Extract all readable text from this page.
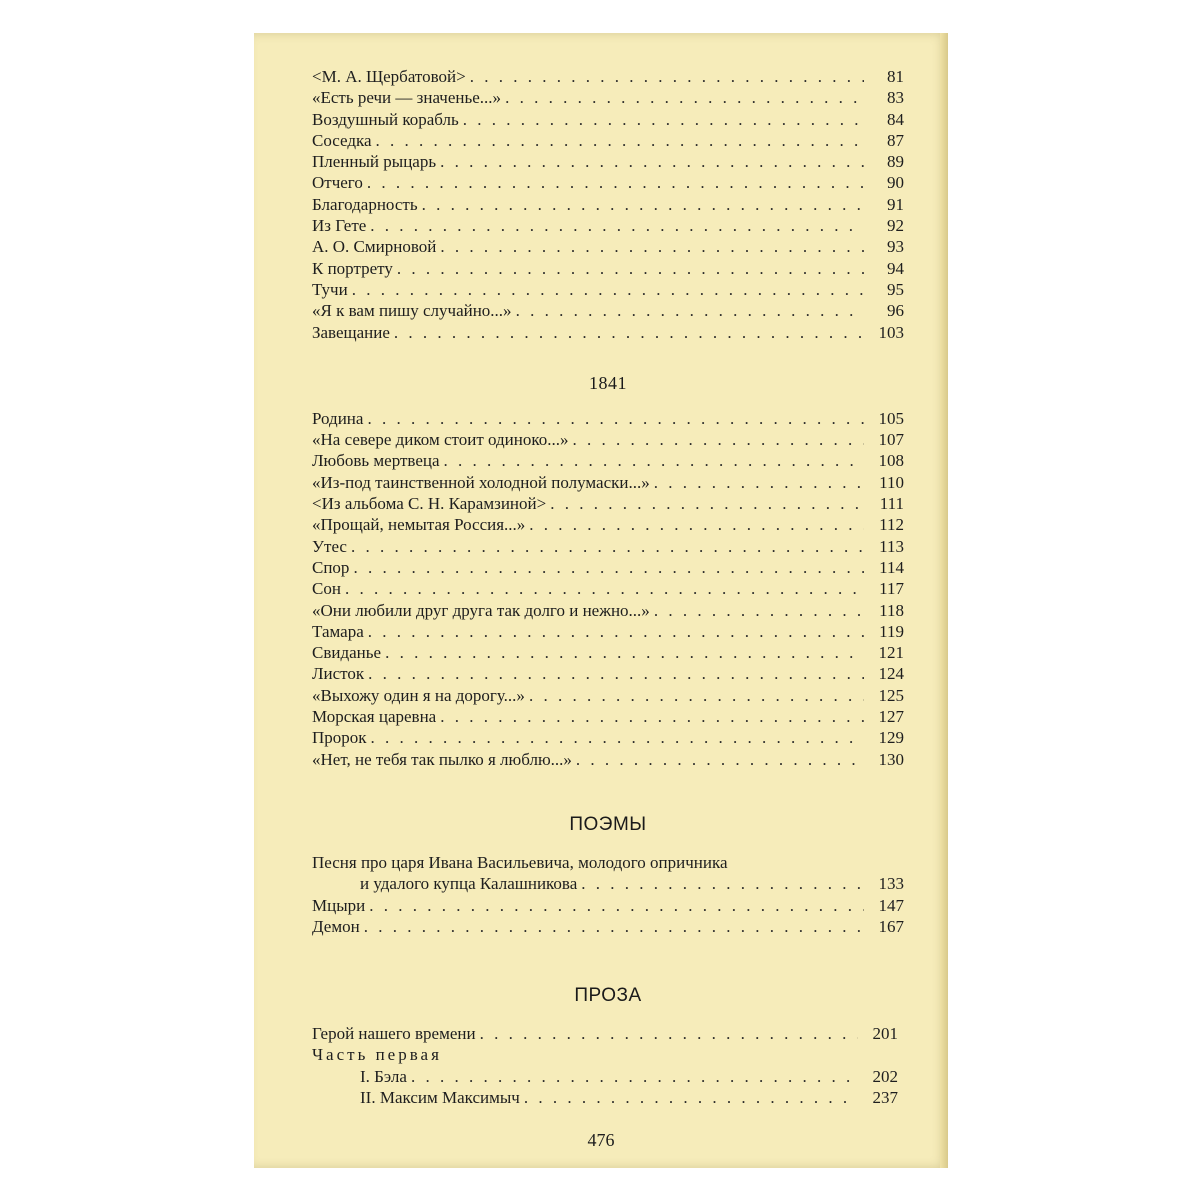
<М. А. Щербатовой> . . .	81
«Есть речи — значенье...» . . .	83
Воздушный корабль . . .	84
Соседка . . .	87
Пленный рыцарь . . .	89
Отчего . . .	90
Благодарность . . .	91
Из Гете . . .	92
А. О. Смирновой . . .	93
К портрету . . .	94
Тучи . . .	95
«Я к вам пишу случайно...» . . .	96
Завещание . . .	103
1841
Родина . . .	105
«На севере диком стоит одиноко...» . . .	107
Любовь мертвеца . . .	108
«Из-под таинственной холодной полумаски...» . . .	110
<Из альбома С. Н. Карамзиной> . . .	111
«Прощай, немытая Россия...» . . .	112
Утес . . .	113
Спор . . .	114
Сон . . .	117
«Они любили друг друга так долго и нежно...» . . .	118
Тамара . . .	119
Свиданье . . .	121
Листок . . .	124
«Выхожу один я на дорогу...» . . .	125
Морская царевна . . .	127
Пророк . . .	129
«Нет, не тебя так пылко я люблю...» . . .	130
ПОЭМЫ
Песня про царя Ивана Васильевича, молодого опричника
и удалого купца Калашникова . . .	133
Мцыри . . .	147
Демон . . .	167
ПРОЗА
Герой нашего времени . . .	201
Часть первая
I. Бэла . . .	202
II. Максим Максимыч . . .	237
476
